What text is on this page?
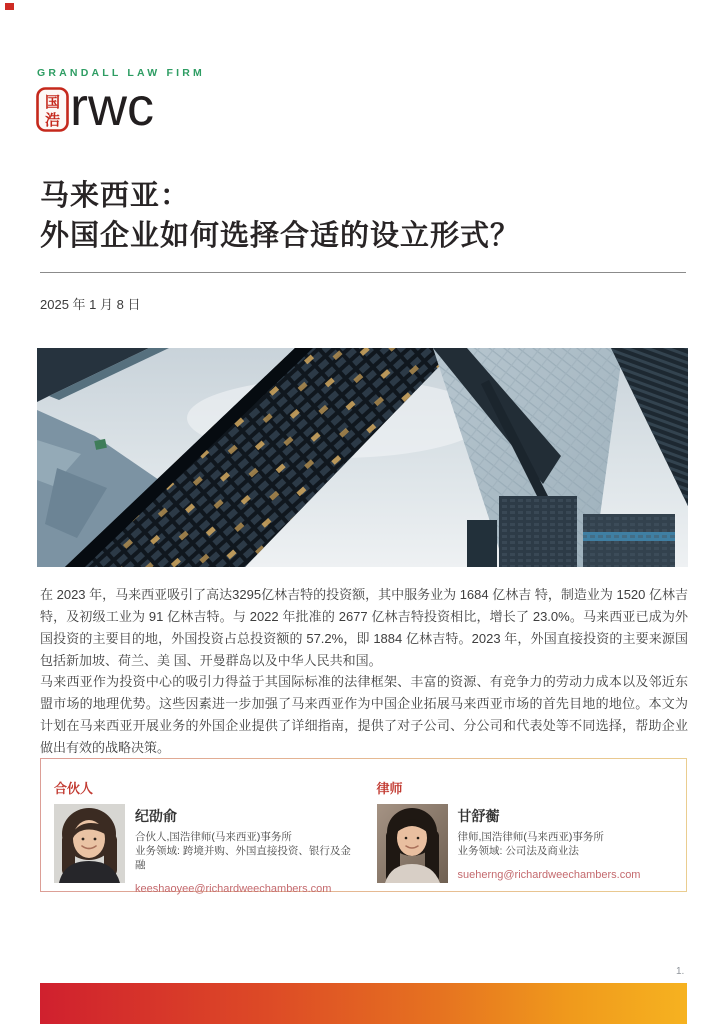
GRANDALL LAW FIRM
国
浩 rwc
马来西亚：
外国企业如何选择合适的设立形式？
2025 年 1 月 8 日

在 2023 年，马来西亚吸引了高达3295亿林吉特的投资额，其中服务业为 1684 亿林吉 特，制造业为 1520 亿林吉特，及初级工业为 91 亿林吉特。与 2022 年批准的 2677 亿林吉特投资相比，增长了 23.0%。马来西亚已成为外国投资的主要目的地，外国投资占总投资额的 57.2%，即 1884 亿林吉特。2023 年，外国直接投资的主要来源国包括新加坡、荷兰、美 国、开曼群岛以及中华人民共和国。

马来西亚作为投资中心的吸引力得益于其国际标准的法律框架、丰富的资源、有竞争力的劳动力成本以及邻近东盟市场的地理优势。这些因素进一步加强了马来西亚作为中国企业拓展马来西亚市场的首先目地的地位。本文为计划在马来西亚开展业务的外国企业提供了详细指南，提供了对子公司、分公司和代表处等不同选择，帮助企业做出有效的战略决策。

合伙人
纪劭俞
合伙人,国浩律师(马来西亚)事务所
业务领域: 跨境并购、外国直接投资、银行及金融
keeshaoyee@richardweechambers.com
律师
甘舒蘅
律师,国浩律师(马来西亚)事务所
业务领域: 公司法及商业法
sueherng@richardweechambers.com
1.
